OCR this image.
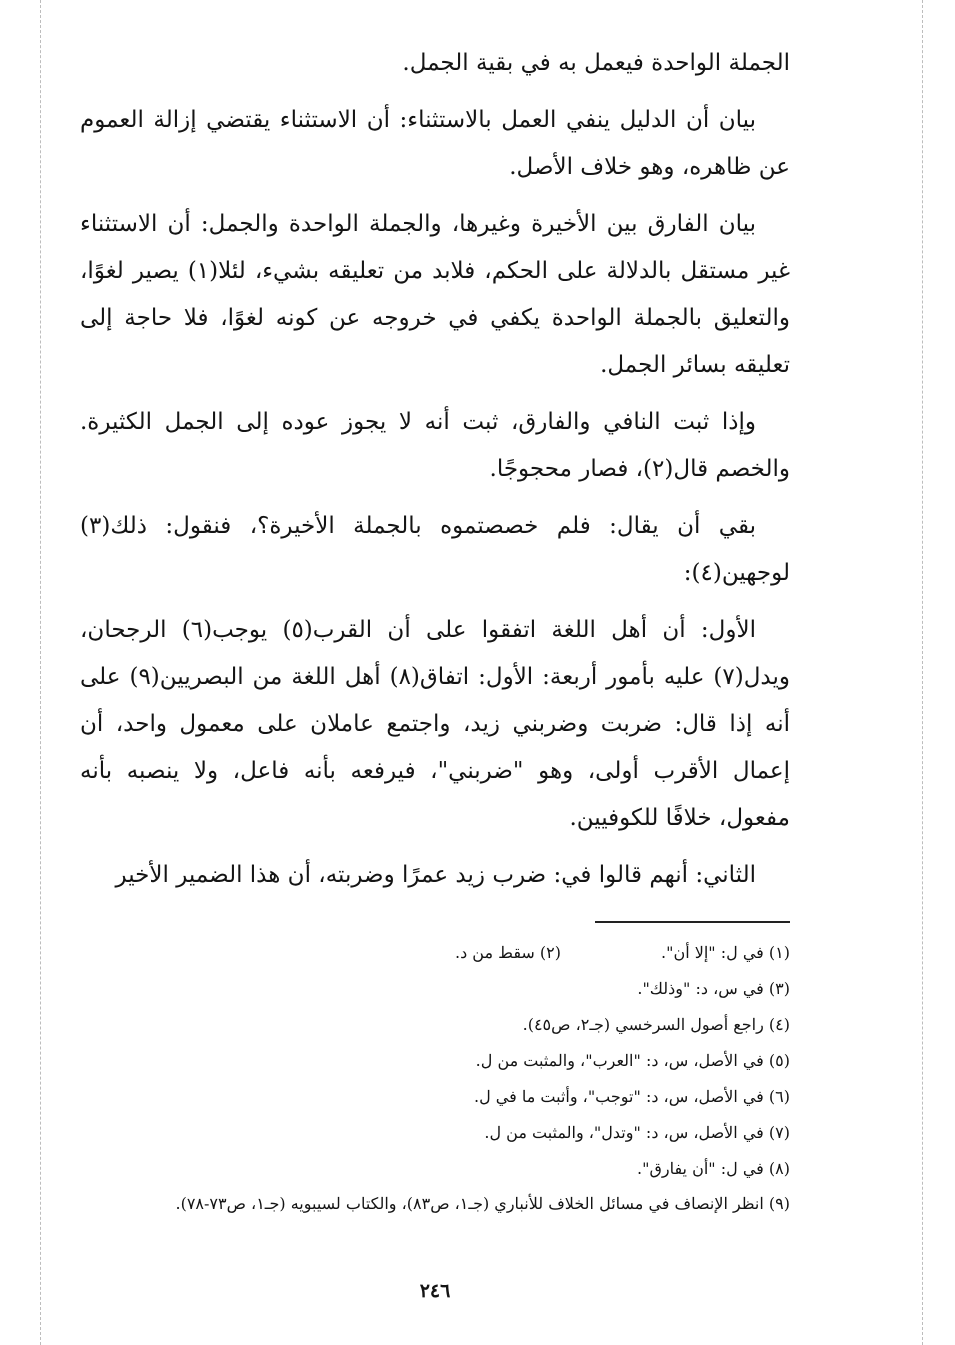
الجملة الواحدة فيعمل به في بقية الجمل.

بيان أن الدليل ينفي العمل بالاستثناء: أن الاستثناء يقتضي إزالة العموم عن ظاهره، وهو خلاف الأصل.

بيان الفارق بين الأخيرة وغيرها، والجملة الواحدة والجمل: أن الاستثناء غير مستقل بالدلالة على الحكم، فلابد من تعليقه بشيء، لئلا(١) يصير لغوًا، والتعليق بالجملة الواحدة يكفي في خروجه عن كونه لغوًا، فلا حاجة إلى تعليقه بسائر الجمل.

وإذا ثبت النافي والفارق، ثبت أنه لا يجوز عوده إلى الجمل الكثيرة. والخصم قال(٢)، فصار محجوجًا.

بقي أن يقال: فلم خصصتموه بالجملة الأخيرة؟، فنقول: ذلك(٣) لوجهين(٤):

الأول: أن أهل اللغة اتفقوا على أن القرب(٥) يوجب(٦) الرجحان، ويدل(٧) عليه بأمور أربعة: الأول: اتفاق(٨) أهل اللغة من البصريين(٩) على أنه إذا قال: ضربت وضربني زيد، واجتمع عاملان على معمول واحد، أن إعمال الأقرب أولى، وهو "ضربني"، فيرفعه بأنه فاعل، ولا ينصبه بأنه مفعول، خلافًا للكوفيين.

الثاني: أنهم قالوا في: ضرب زيد عمرًا وضربته، أن هذا الضمير الأخير

(١) في ل: "إلا أن".
(٢) سقط من د.

(٣) في س، د: "وذلك".

(٤) راجع أصول السرخسي (جـ٢، ص٤٥).

(٥) في الأصل، س، د: "العرب"، والمثبت من ل.

(٦) في الأصل، س، د: "توجب"، وأثبت ما في ل.

(٧) في الأصل، س، د: "وتدل"، والمثبت من ل.

(٨) في ل: "أن يفارق".

(٩) انظر الإنصاف في مسائل الخلاف للأنباري (جـ١، ص٨٣)، والكتاب لسيبويه (جـ١، ص٧٣-٧٨).

٢٤٦
